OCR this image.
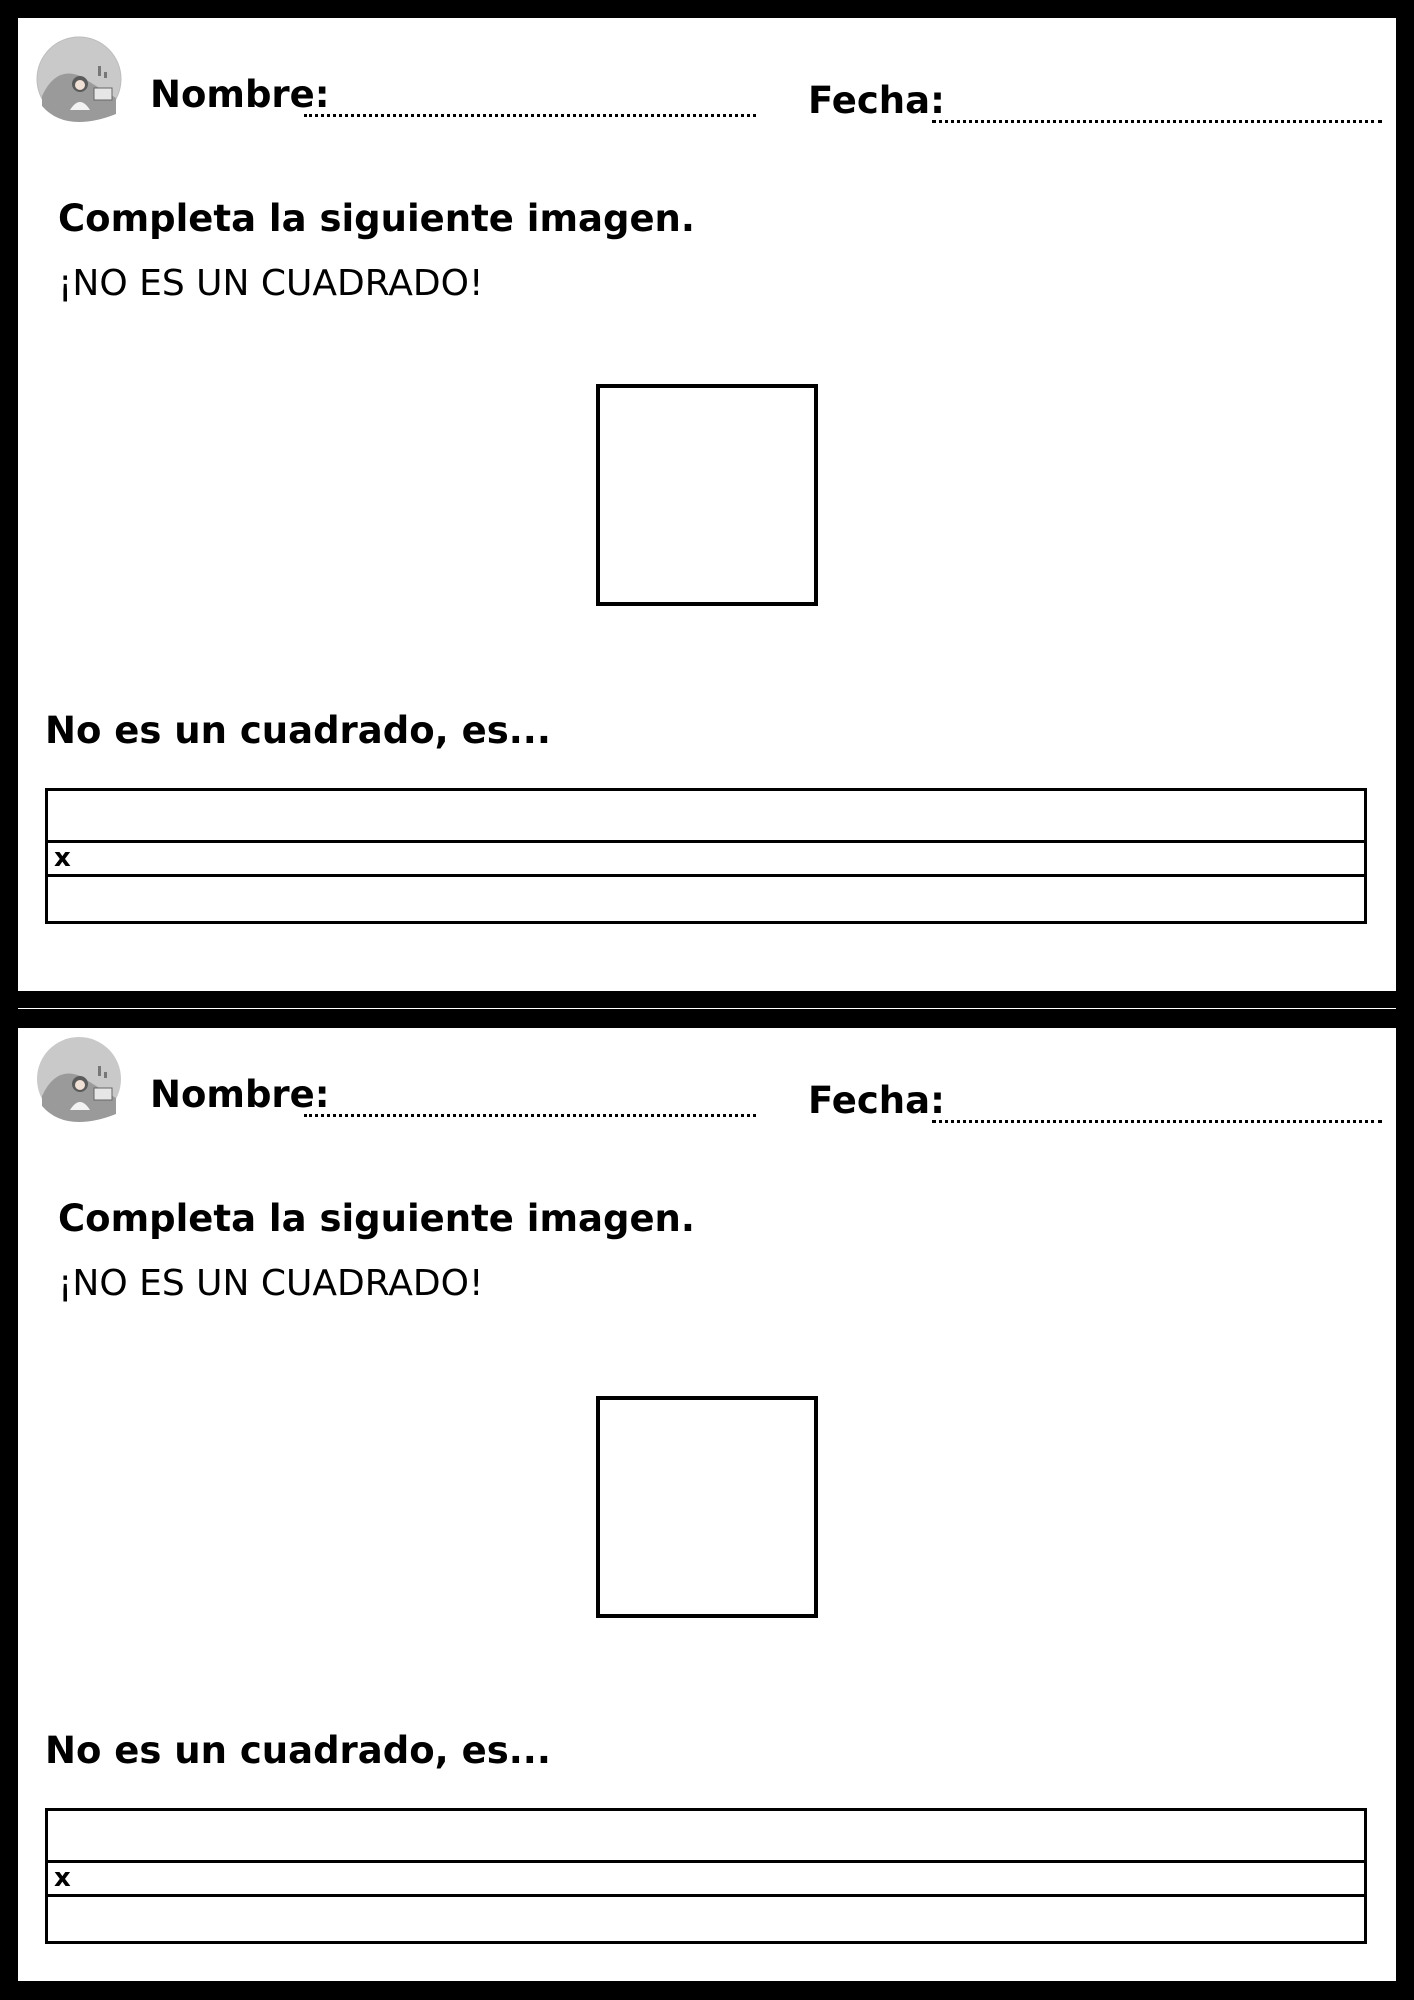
Nombre:	Fecha:
Completa la siguiente imagen.
¡NO ES UN CUADRADO!
No es un cuadrado, es...
x
Nombre:	Fecha:
Completa la siguiente imagen.
¡NO ES UN CUADRADO!
No es un cuadrado, es...
x
